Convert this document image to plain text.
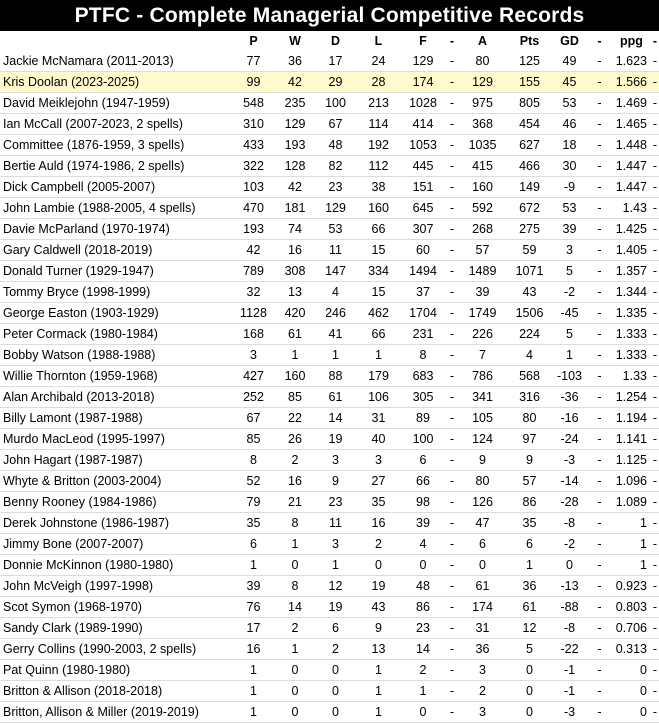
PTFC - Complete Managerial Competitive Records
	P	W	D	L	F	-	A	Pts	GD	-	ppg	-
Jackie McNamara (2011-2013)	77	36	17	24	129	-	80	125	49	-	1.623	-
Kris Doolan (2023-2025)	99	42	29	28	174	-	129	155	45	-	1.566	-
David Meiklejohn (1947-1959)	548	235	100	213	1028	-	975	805	53	-	1.469	-
Ian McCall (2007-2023, 2 spells)	310	129	67	114	414	-	368	454	46	-	1.465	-
Committee (1876-1959, 3 spells)	433	193	48	192	1053	-	1035	627	18	-	1.448	-
Bertie Auld (1974-1986, 2 spells)	322	128	82	112	445	-	415	466	30	-	1.447	-
Dick Campbell (2005-2007)	103	42	23	38	151	-	160	149	-9	-	1.447	-
John Lambie (1988-2005, 4 spells)	470	181	129	160	645	-	592	672	53	-	1.43	-
Davie McParland (1970-1974)	193	74	53	66	307	-	268	275	39	-	1.425	-
Gary Caldwell (2018-2019)	42	16	11	15	60	-	57	59	3	-	1.405	-
Donald Turner (1929-1947)	789	308	147	334	1494	-	1489	1071	5	-	1.357	-
Tommy Bryce (1998-1999)	32	13	4	15	37	-	39	43	-2	-	1.344	-
George Easton (1903-1929)	1128	420	246	462	1704	-	1749	1506	-45	-	1.335	-
Peter Cormack (1980-1984)	168	61	41	66	231	-	226	224	5	-	1.333	-
Bobby Watson (1988-1988)	3	1	1	1	8	-	7	4	1	-	1.333	-
Willie Thornton (1959-1968)	427	160	88	179	683	-	786	568	-103	-	1.33	-
Alan Archibald (2013-2018)	252	85	61	106	305	-	341	316	-36	-	1.254	-
Billy Lamont (1987-1988)	67	22	14	31	89	-	105	80	-16	-	1.194	-
Murdo MacLeod (1995-1997)	85	26	19	40	100	-	124	97	-24	-	1.141	-
John Hagart (1987-1987)	8	2	3	3	6	-	9	9	-3	-	1.125	-
Whyte & Britton (2003-2004)	52	16	9	27	66	-	80	57	-14	-	1.096	-
Benny Rooney (1984-1986)	79	21	23	35	98	-	126	86	-28	-	1.089	-
Derek Johnstone (1986-1987)	35	8	11	16	39	-	47	35	-8	-	1	-
Jimmy Bone (2007-2007)	6	1	3	2	4	-	6	6	-2	-	1	-
Donnie McKinnon (1980-1980)	1	0	1	0	0	-	0	1	0	-	1	-
John McVeigh (1997-1998)	39	8	12	19	48	-	61	36	-13	-	0.923	-
Scot Symon (1968-1970)	76	14	19	43	86	-	174	61	-88	-	0.803	-
Sandy Clark (1989-1990)	17	2	6	9	23	-	31	12	-8	-	0.706	-
Gerry Collins (1990-2003, 2 spells)	16	1	2	13	14	-	36	5	-22	-	0.313	-
Pat Quinn (1980-1980)	1	0	0	1	2	-	3	0	-1	-	0	-
Britton & Allison (2018-2018)	1	0	0	1	1	-	2	0	-1	-	0	-
Britton, Allison & Miller (2019-2019)	1	0	0	1	0	-	3	0	-3	-	0	-
